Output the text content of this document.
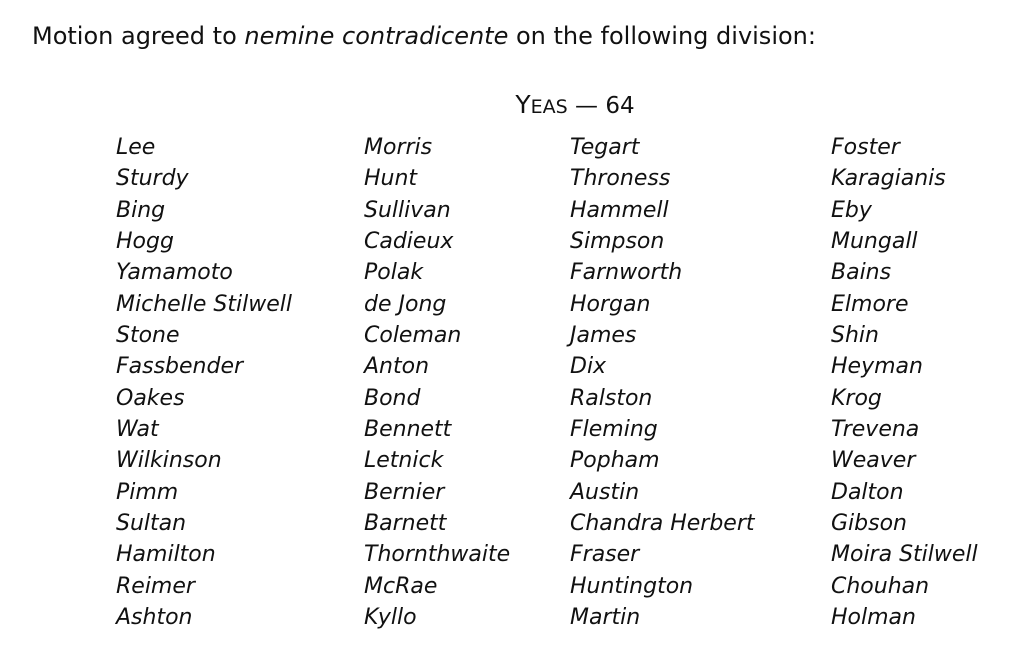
Motion agreed to nemine contradicente on the following division:

YEAS — 64

Lee
Sturdy
Bing
Hogg
Yamamoto
Michelle Stilwell
Stone
Fassbender
Oakes
Wat
Wilkinson
Pimm
Sultan
Hamilton
Reimer
Ashton
Morris
Hunt
Sullivan
Cadieux
Polak
de Jong
Coleman
Anton
Bond
Bennett
Letnick
Bernier
Barnett
Thornthwaite
McRae
Kyllo
Tegart
Throness
Hammell
Simpson
Farnworth
Horgan
James
Dix
Ralston
Fleming
Popham
Austin
Chandra Herbert
Fraser
Huntington
Martin
Foster
Karagianis
Eby
Mungall
Bains
Elmore
Shin
Heyman
Krog
Trevena
Weaver
Dalton
Gibson
Moira Stilwell
Chouhan
Holman
